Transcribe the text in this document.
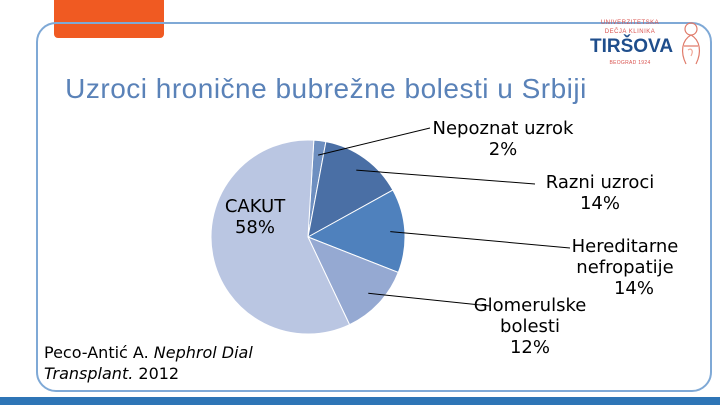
UNIVERZITETSKA
DEČJA KLINIKA
TIRŠOVA
BEOGRAD 1924
Uzroci hronične bubrežne bolesti u Srbiji
Nepoznat uzrok
2%
Razni uzroci
14%
Hereditarne
nefropatije
14%
Glomerulske
bolesti
12%
CAKUT
58%
Peco-Antić A. Nephrol Dial
Transplant. 2012
